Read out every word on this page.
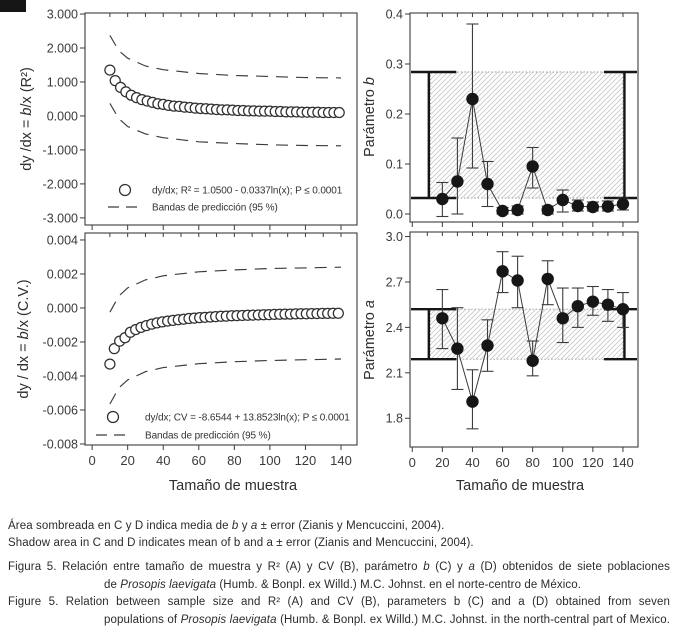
3.000
2.000
1.000
0.000
-1.000
-2.000
-3.000
dy/dx; R² = 1.0500 - 0.0337ln(x); P ≤ 0.0001
Bandas de predicción (95 %)
dy /dx = b/x (R²)
0 20 40 60 80 100 120 140
0.004
0.002
0.000
-0.002
-0.004
-0.006
-0.008
dy/dx; CV = -8.6544 + 13.8523ln(x); P ≤ 0.0001
Bandas de predicción (95 %)
dy / dx = b/x (C.V.)
Tamaño de muestra
0.4
0.3
0.2
0.1
0.0
Parámetro b
0 20 40 60 80 100 120 140
3.0
2.7
2.4
2.1
1.8
Parámetro a
Tamaño de muestra
Área sombreada en C y D indica media de b y a ± error (Zianis y Mencuccini, 2004).
Shadow area in C and D indicates mean of b and a ± error (Zianis and Mencuccini, 2004).
Figura 5. Relación entre tamaño de muestra y R² (A) y CV (B), parámetro b (C) y a (D) obtenidos de siete poblaciones
de Prosopis laevigata (Humb. & Bonpl. ex Willd.) M.C. Johnst. en el norte-centro de México.
Figure 5. Relation between sample size and R² (A) and CV (B), parameters b (C) and a (D) obtained from seven
populations of Prosopis laevigata (Humb. & Bonpl. ex Willd.) M.C. Johnst. in the north-central part of Mexico.
